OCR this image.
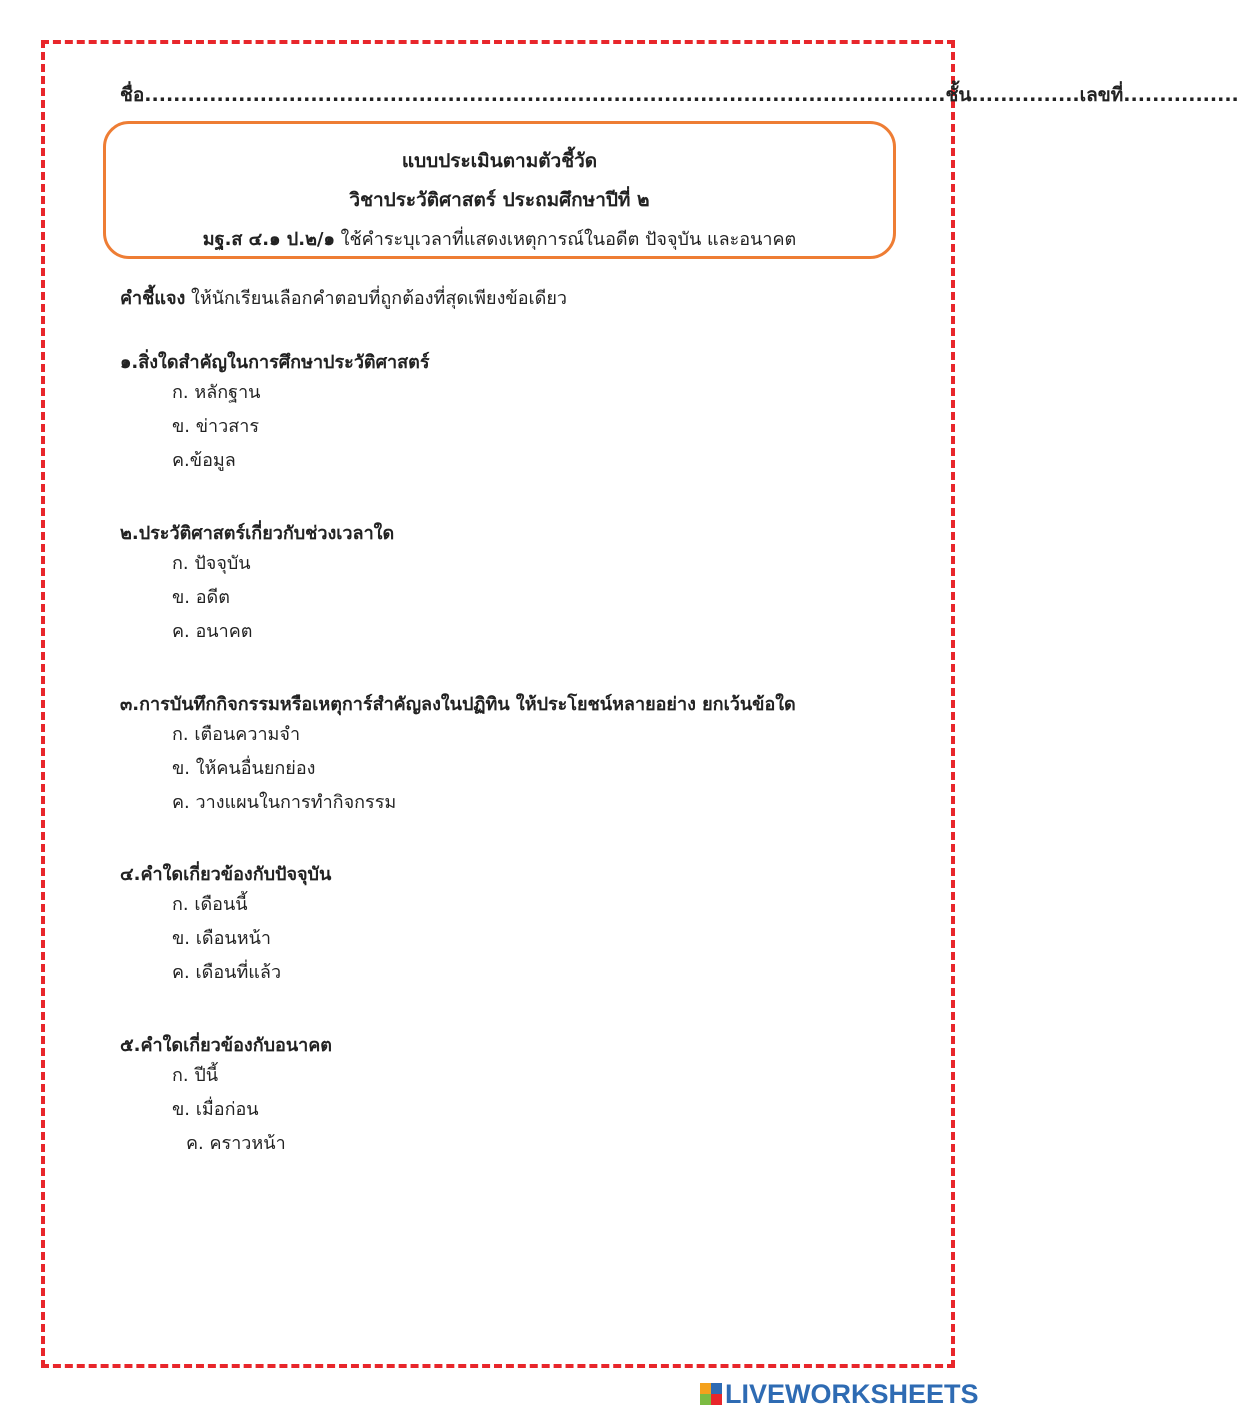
ชื่อ...............................................................................................................ชั้น...............เลขที่................
แบบประเมินตามตัวชี้วัด
วิชาประวัติศาสตร์ ประถมศึกษาปีที่ ๒
มฐ.ส ๔.๑ ป.๒/๑ ใช้คำระบุเวลาที่แสดงเหตุการณ์ในอดีต ปัจจุบัน และอนาคต
คำชี้แจง ให้นักเรียนเลือกคำตอบที่ถูกต้องที่สุดเพียงข้อเดียว
๑.สิ่งใดสำคัญในการศึกษาประวัติศาสตร์
ก. หลักฐาน
ข. ข่าวสาร
ค.ข้อมูล
๒.ประวัติศาสตร์เกี่ยวกับช่วงเวลาใด
ก. ปัจจุบัน
ข. อดีต
ค. อนาคต
๓.การบันทึกกิจกรรมหรือเหตุการ์สำคัญลงในปฏิทิน ให้ประโยชน์หลายอย่าง ยกเว้นข้อใด
ก. เตือนความจำ
ข. ให้คนอื่นยกย่อง
ค. วางแผนในการทำกิจกรรม
๔.คำใดเกี่ยวข้องกับปัจจุบัน
ก. เดือนนี้
ข. เดือนหน้า
ค. เดือนที่แล้ว
๕.คำใดเกี่ยวข้องกับอนาคต
ก. ปีนี้
ข. เมื่อก่อน
ค. คราวหน้า
LIVEWORKSHEETS
